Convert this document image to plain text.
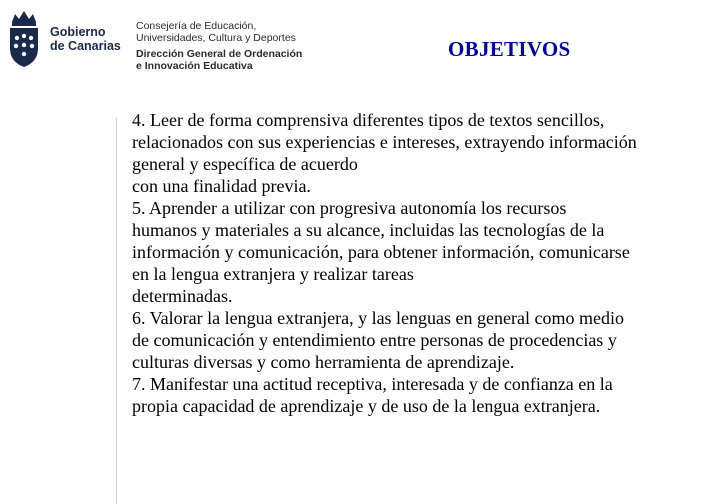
Gobierno
de Canarias
Consejería de Educación,
Universidades, Cultura y Deportes
Dirección General de Ordenación
e Innovación Educativa
OBJETIVOS
4. Leer de forma comprensiva diferentes tipos de textos sencillos,
relacionados con sus experiencias e intereses, extrayendo información
general y específica de acuerdo
con una finalidad previa.
5. Aprender a utilizar con progresiva autonomía los recursos
humanos y materiales a su alcance, incluidas las tecnologías de la
información y comunicación, para obtener información, comunicarse
en la lengua extranjera y realizar tareas
determinadas.
6. Valorar la lengua extranjera, y las lenguas en general como medio
de comunicación y entendimiento entre personas de procedencias y
culturas diversas y como herramienta de aprendizaje.
7. Manifestar una actitud receptiva, interesada y de confianza en la
propia capacidad de aprendizaje y de uso de la lengua extranjera.
